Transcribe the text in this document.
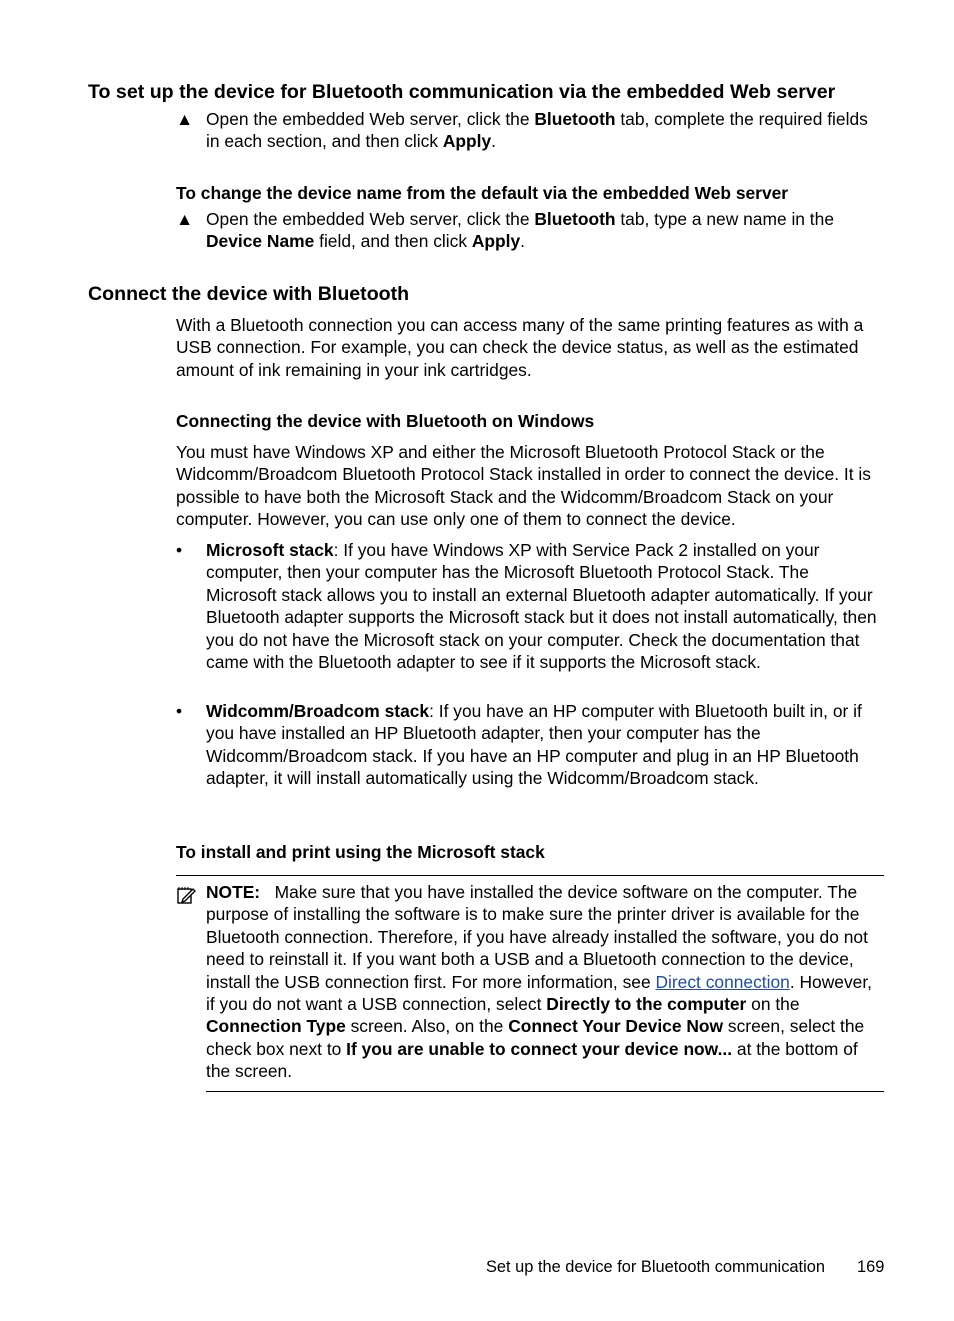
To set up the device for Bluetooth communication via the embedded Web server
▲ Open the embedded Web server, click the Bluetooth tab, complete the required fields in each section, and then click Apply.
To change the device name from the default via the embedded Web server
▲ Open the embedded Web server, click the Bluetooth tab, type a new name in the Device Name field, and then click Apply.
Connect the device with Bluetooth
With a Bluetooth connection you can access many of the same printing features as with a USB connection. For example, you can check the device status, as well as the estimated amount of ink remaining in your ink cartridges.
Connecting the device with Bluetooth on Windows
You must have Windows XP and either the Microsoft Bluetooth Protocol Stack or the Widcomm/Broadcom Bluetooth Protocol Stack installed in order to connect the device. It is possible to have both the Microsoft Stack and the Widcomm/Broadcom Stack on your computer. However, you can use only one of them to connect the device.
•	Microsoft stack: If you have Windows XP with Service Pack 2 installed on your computer, then your computer has the Microsoft Bluetooth Protocol Stack. The Microsoft stack allows you to install an external Bluetooth adapter automatically. If your Bluetooth adapter supports the Microsoft stack but it does not install automatically, then you do not have the Microsoft stack on your computer. Check the documentation that came with the Bluetooth adapter to see if it supports the Microsoft stack.
•	Widcomm/Broadcom stack: If you have an HP computer with Bluetooth built in, or if you have installed an HP Bluetooth adapter, then your computer has the Widcomm/Broadcom stack. If you have an HP computer and plug in an HP Bluetooth adapter, it will install automatically using the Widcomm/Broadcom stack.
To install and print using the Microsoft stack
NOTE: Make sure that you have installed the device software on the computer. The purpose of installing the software is to make sure the printer driver is available for the Bluetooth connection. Therefore, if you have already installed the software, you do not need to reinstall it. If you want both a USB and a Bluetooth connection to the device, install the USB connection first. For more information, see Direct connection. However, if you do not want a USB connection, select Directly to the computer on the Connection Type screen. Also, on the Connect Your Device Now screen, select the check box next to If you are unable to connect your device now... at the bottom of the screen.
Set up the device for Bluetooth communication 169
